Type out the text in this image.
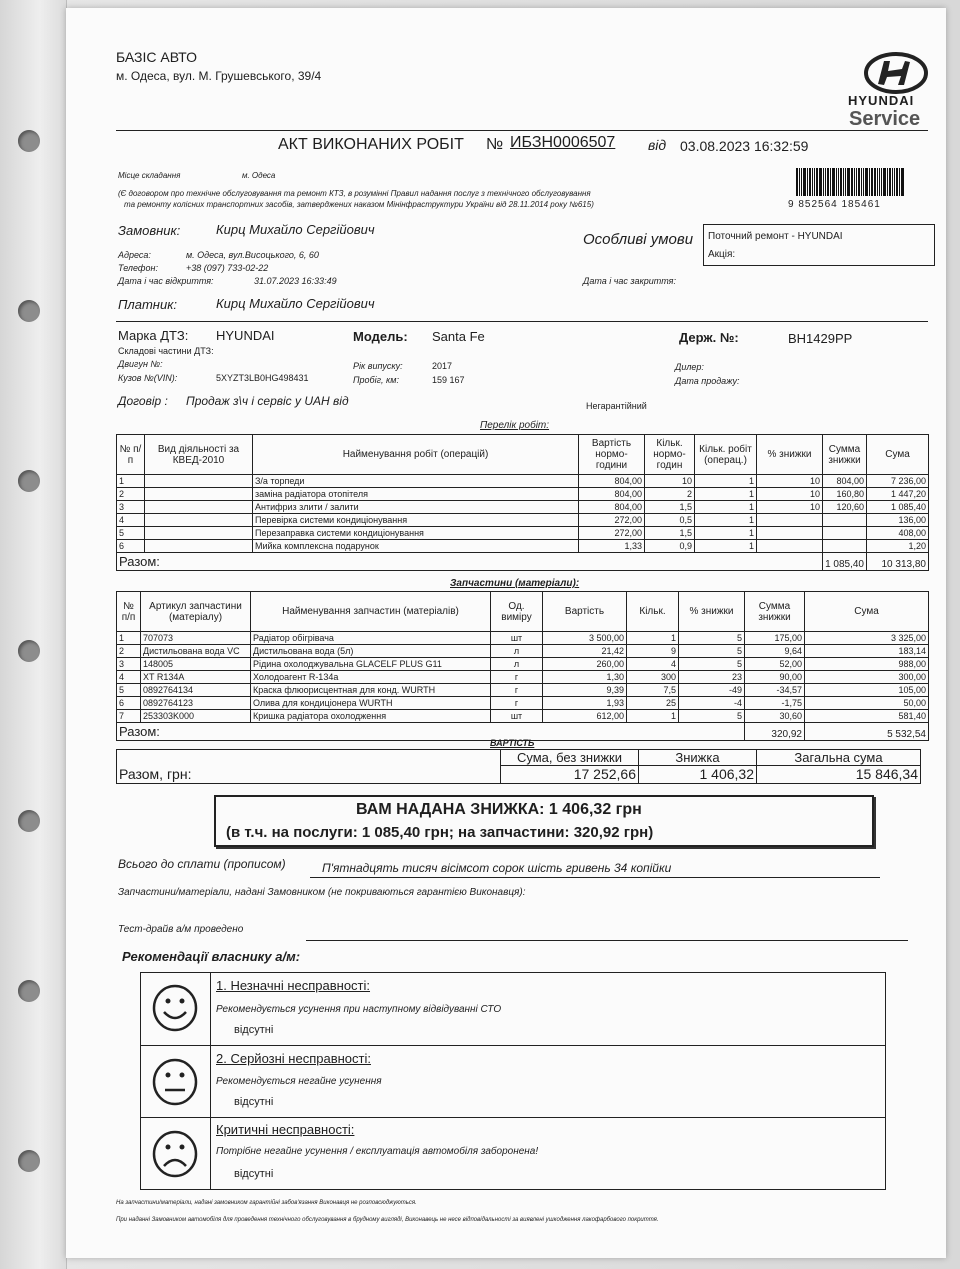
БАЗІС АВТО
м. Одеса, вул. М. Грушевського, 39/4
HYUNDAI
Service
АКТ ВИКОНАНИХ РОБІТ № ИБЗН0006507 від 03.08.2023 16:32:59
Місце складання	м. Одеса
(Є договором про технічне обслуговування та ремонт КТЗ, в розумінні Правил надання послуг з технічного обслуговування
та ремонту колісних транспортних засобів, затверджених наказом Мінінфраструктури України від 28.11.2014 року №615)	9 852564 185461
Замовник:	Кирц Михайло Сергійович
Адреса:	м. Одеса, вул.Висоцького, 6, 60
Телефон:	+38 (097) 733-02-22
Дата і час відкриття:	31.07.2023 16:33:49
Особливі умови Поточний ремонт - HYUNDAI
Акція:
Дата і час закриття:
Платник:	Кирц Михайло Сергійович
Марка ДТЗ: HYUNDAI	Модель: Santa Fe	Держ. №:	ВН1429РР
Складові частини ДТЗ:
Двигун №:
Кузов №(VIN):	5XYZT3LB0HG498431
Рік випуску:	2017
Пробіг, км:	159 167
Дилер:
Дата продажу:
Договір : Продаж з\ч і сервіс у UAH від	Негарантійний
Перелік робіт:
№ п/п	Вид діяльності за КВЕД-2010	Найменування робіт (операцій)	Вартість нормо-години	Кільк. нормо-годин	Кільк. робіт (операц.)	% знижки	Сумма знижки	Сума
1		З/а торпеди	804,00	10	1	10	804,00	7 236,00
2		заміна радіатора отопітеля	804,00	2	1	10	160,80	1 447,20
3		Антифриз злити / залити	804,00	1,5	1	10	120,60	1 085,40
4		Перевірка системи кондиціонування	272,00	0,5	1			136,00
5		Перезаправка системи кондиціонування	272,00	1,5	1			408,00
6		Мийка комплексна подарунок	1,33	0,9	1			1,20
Разом:							1 085,40	10 313,80
Запчастини (матеріали):
№ п/п	Артикул запчастини (матеріалу)	Найменування запчастин (матеріалів)	Од. виміру	Вартість	Кільк.	% знижки	Сумма знижки	Сума
1	707073	Радіатор обігрівача	шт	3 500,00	1	5	175,00	3 325,00
2	Дистильована вода VC	Дистильована вода (5л)	л	21,42	9	5	9,64	183,14
3	148005	Рідина охолоджувальна GLACELF PLUS G11	л	260,00	4	5	52,00	988,00
4	XT R134A	Холодоагент R-134а	г	1,30	300	23	90,00	300,00
5	0892764134	Краска флюорисцентная для конд. WURTH	г	9,39	7,5	-49	-34,57	105,00
6	0892764123	Олива для кондиціонера WURTH	г	1,93	25	-4	-1,75	50,00
7	253303K000	Кришка радіатора охолодження	шт	612,00	1	5	30,60	581,40
Разом:							320,92	5 532,54
ВАРТІСТЬ
	Сума, без знижки	Знижка	Загальна сума
Разом, грн:	17 252,66	1 406,32	15 846,34
ВАМ НАДАНА ЗНИЖКА: 1 406,32 грн
(в т.ч. на послуги: 1 085,40 грн; на запчастини: 320,92 грн)
Всього до сплати (прописом)	П'ятнадцять тисяч вісімсот сорок шість гривень 34 копійки
Запчастини/матеріали, надані Замовником (не покриваються гарантією Виконавця):
Тест-драйв а/м проведено
Рекомендації власнику а/м:
1. Незначні несправності:
Рекомендується усунення при наступному відвідуванні СТО
відсутні
2. Серйозні несправності:
Рекомендується негайне усунення
відсутні
Критичні несправності:
Потрібне негайне усунення / експлуатація автомобіля заборонена!
відсутні
На запчастини/матеріали, надані замовником гарантійні забов'язання Виконавця не розповсюджуються.
При наданні Замовником автомобіля для проведення технічного обслуговування в брудному вигляді, Виконавець не несе відповідальності за виявлені ушкодження лакофарбового покриття.
